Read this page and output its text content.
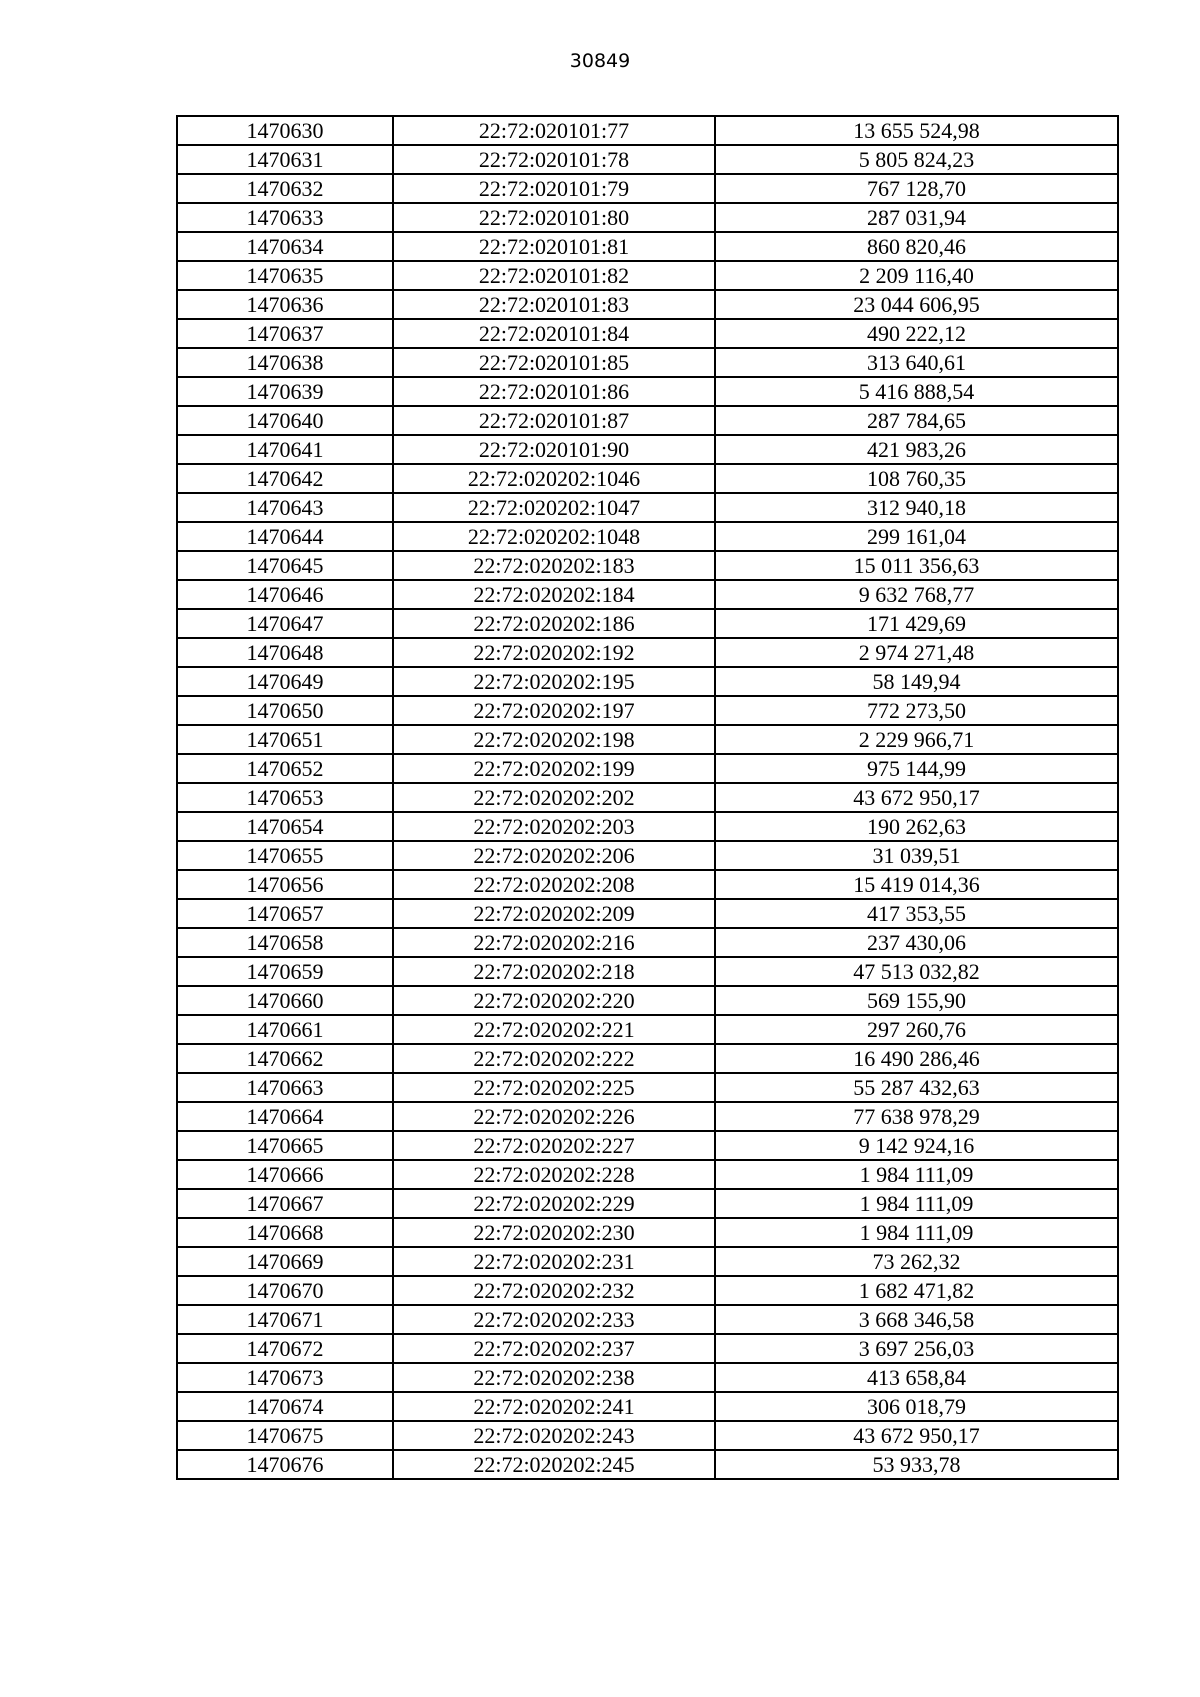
30849
1470630	22:72:020101:77	13 655 524,98
1470631	22:72:020101:78	5 805 824,23
1470632	22:72:020101:79	767 128,70
1470633	22:72:020101:80	287 031,94
1470634	22:72:020101:81	860 820,46
1470635	22:72:020101:82	2 209 116,40
1470636	22:72:020101:83	23 044 606,95
1470637	22:72:020101:84	490 222,12
1470638	22:72:020101:85	313 640,61
1470639	22:72:020101:86	5 416 888,54
1470640	22:72:020101:87	287 784,65
1470641	22:72:020101:90	421 983,26
1470642	22:72:020202:1046	108 760,35
1470643	22:72:020202:1047	312 940,18
1470644	22:72:020202:1048	299 161,04
1470645	22:72:020202:183	15 011 356,63
1470646	22:72:020202:184	9 632 768,77
1470647	22:72:020202:186	171 429,69
1470648	22:72:020202:192	2 974 271,48
1470649	22:72:020202:195	58 149,94
1470650	22:72:020202:197	772 273,50
1470651	22:72:020202:198	2 229 966,71
1470652	22:72:020202:199	975 144,99
1470653	22:72:020202:202	43 672 950,17
1470654	22:72:020202:203	190 262,63
1470655	22:72:020202:206	31 039,51
1470656	22:72:020202:208	15 419 014,36
1470657	22:72:020202:209	417 353,55
1470658	22:72:020202:216	237 430,06
1470659	22:72:020202:218	47 513 032,82
1470660	22:72:020202:220	569 155,90
1470661	22:72:020202:221	297 260,76
1470662	22:72:020202:222	16 490 286,46
1470663	22:72:020202:225	55 287 432,63
1470664	22:72:020202:226	77 638 978,29
1470665	22:72:020202:227	9 142 924,16
1470666	22:72:020202:228	1 984 111,09
1470667	22:72:020202:229	1 984 111,09
1470668	22:72:020202:230	1 984 111,09
1470669	22:72:020202:231	73 262,32
1470670	22:72:020202:232	1 682 471,82
1470671	22:72:020202:233	3 668 346,58
1470672	22:72:020202:237	3 697 256,03
1470673	22:72:020202:238	413 658,84
1470674	22:72:020202:241	306 018,79
1470675	22:72:020202:243	43 672 950,17
1470676	22:72:020202:245	53 933,78
